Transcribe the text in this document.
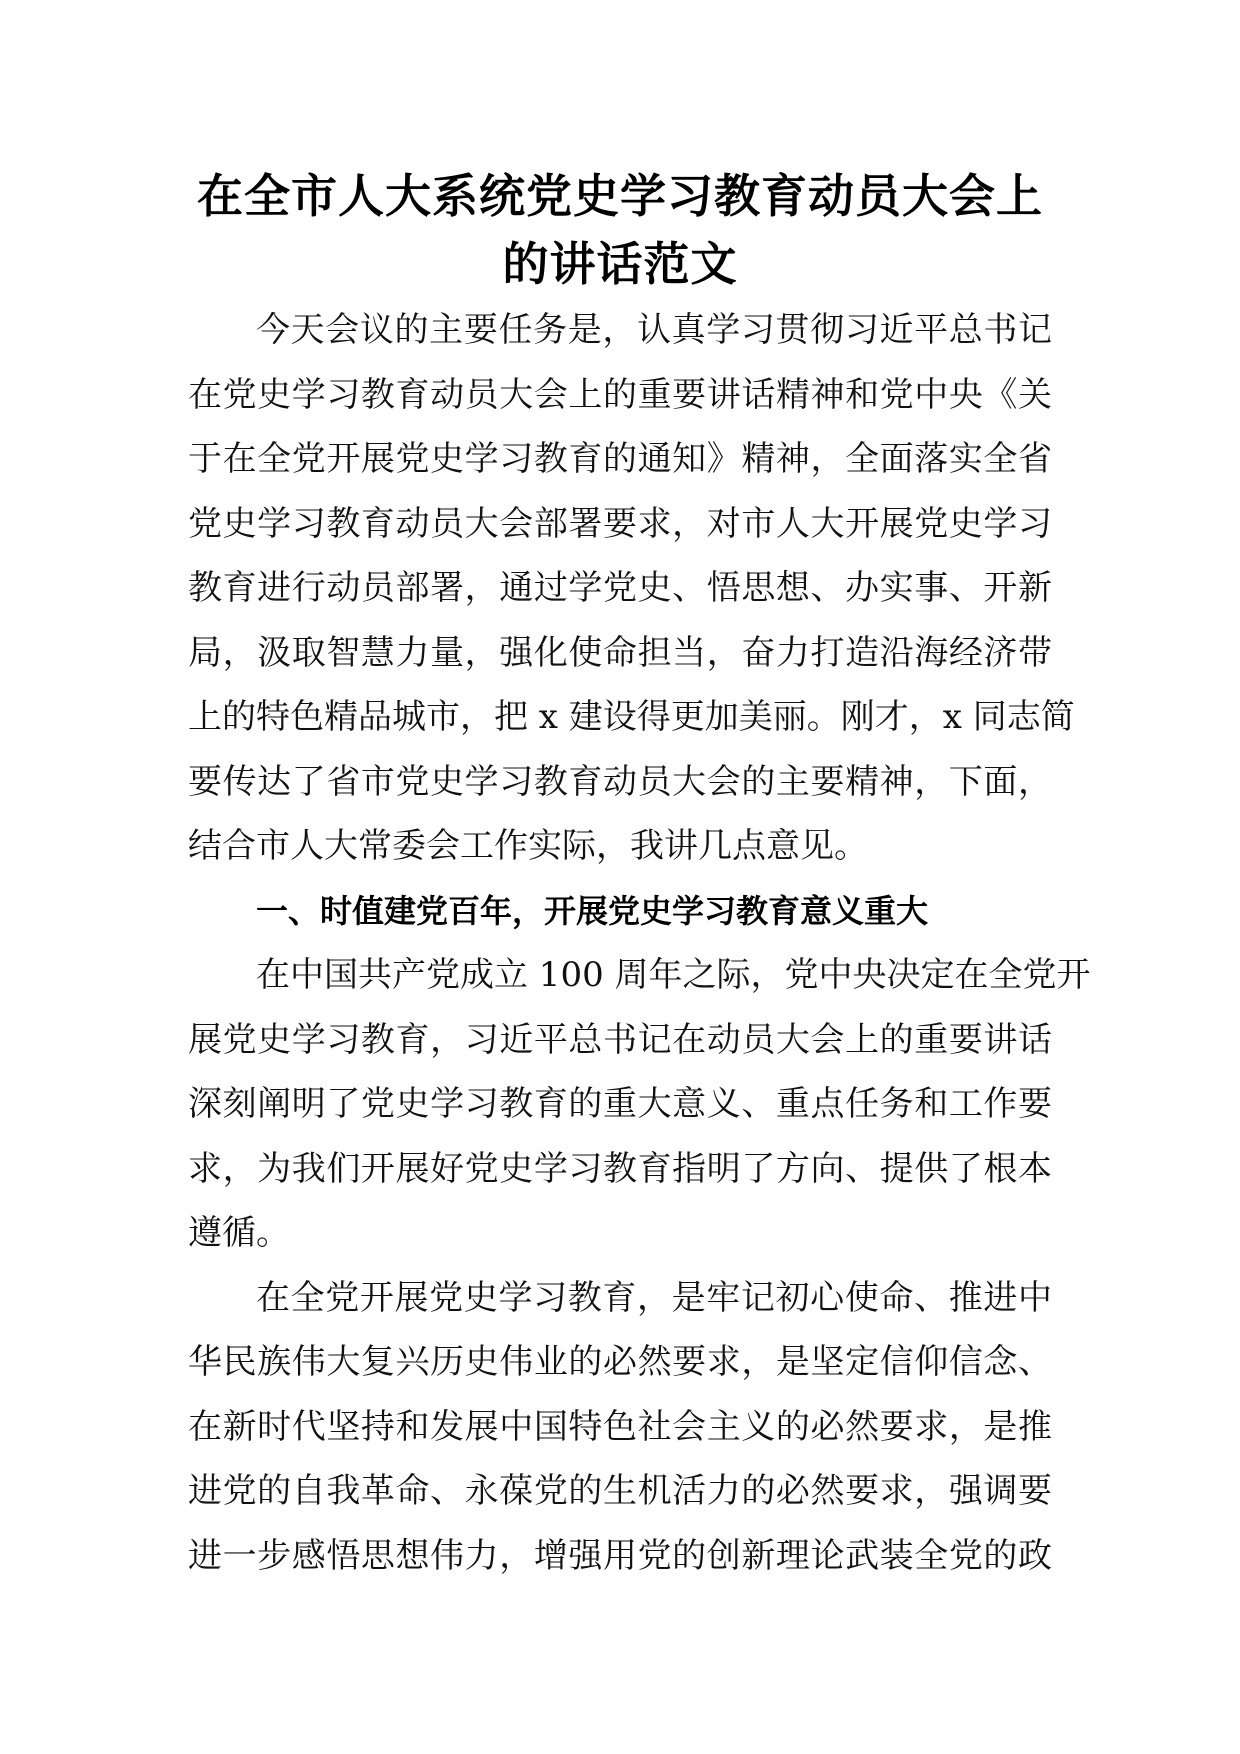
在全市人大系统党史学习教育动员大会上
的讲话范文

今天会议的主要任务是，认真学习贯彻习近平总书记
在党史学习教育动员大会上的重要讲话精神和党中央《关
于在全党开展党史学习教育的通知》精神，全面落实全省
党史学习教育动员大会部署要求，对市人大开展党史学习
教育进行动员部署，通过学党史、悟思想、办实事、开新
局，汲取智慧力量，强化使命担当，奋力打造沿海经济带
上的特色精品城市，把 x 建设得更加美丽。刚才，x 同志简
要传达了省市党史学习教育动员大会的主要精神，下面，
结合市人大常委会工作实际，我讲几点意见。

一、时值建党百年，开展党史学习教育意义重大

在中国共产党成立 100 周年之际，党中央决定在全党开
展党史学习教育，习近平总书记在动员大会上的重要讲话
深刻阐明了党史学习教育的重大意义、重点任务和工作要
求，为我们开展好党史学习教育指明了方向、提供了根本
遵循。

在全党开展党史学习教育，是牢记初心使命、推进中
华民族伟大复兴历史伟业的必然要求，是坚定信仰信念、
在新时代坚持和发展中国特色社会主义的必然要求，是推
进党的自我革命、永葆党的生机活力的必然要求，强调要
进一步感悟思想伟力，增强用党的创新理论武装全党的政
